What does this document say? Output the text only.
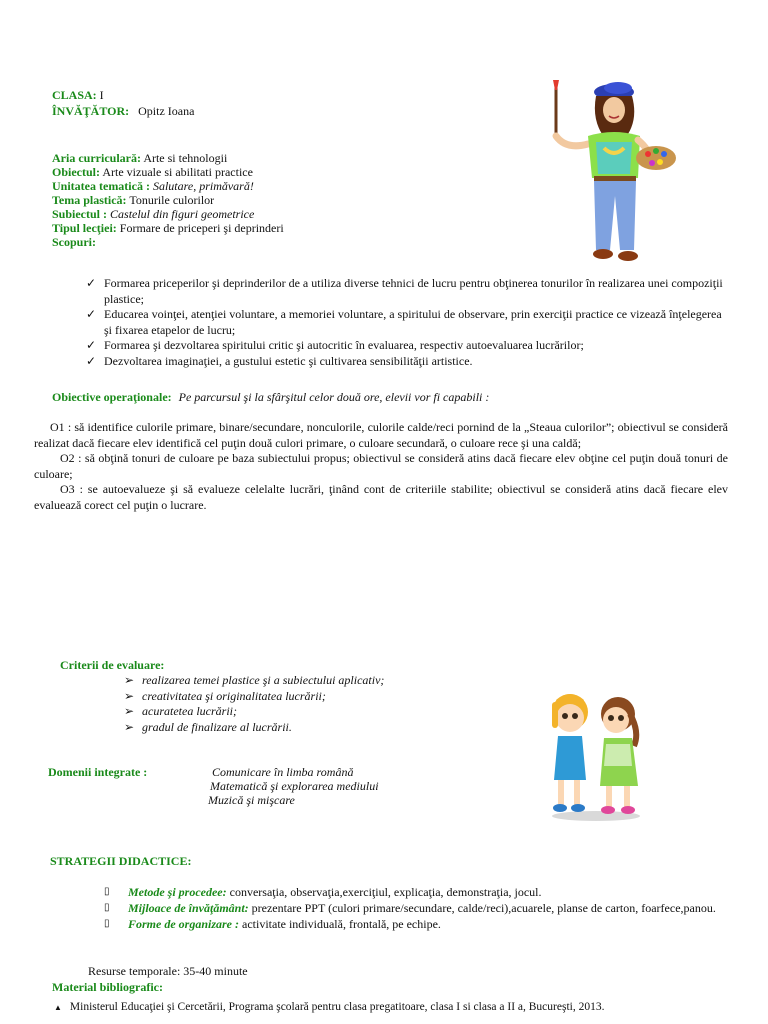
CLASA: I
ÎNVĂŢĂTOR: Opitz Ioana
Aria curriculară: Arte si tehnologii
Obiectul: Arte vizuale si abilitati practice
Unitatea tematică : Salutare, primăvară!
Tema plastică: Tonurile culorilor
Subiectul : Castelul din figuri geometrice
Tipul lecţiei: Formare de priceperi şi deprinderi
Scopuri:
✓ Formarea priceperilor şi deprinderilor de a utiliza diverse tehnici de lucru pentru obţinerea tonurilor în realizarea unei compoziţii plastice;
✓ Educarea voinţei, atenţiei voluntare, a memoriei voluntare, a spiritului de observare, prin exerciţii practice ce vizează înţelegerea şi fixarea etapelor de lucru;
✓ Formarea şi dezvoltarea spiritului critic şi autocritic în evaluarea, respectiv autoevaluarea lucrărilor;
✓ Dezvoltarea imaginaţiei, a gustului estetic şi cultivarea sensibilităţii artistice.
Obiective operaţionale: Pe parcursul şi la sfârşitul celor două ore, elevii vor fi capabili :
O1 : să identifice culorile primare, binare/secundare, nonculorile, culorile calde/reci pornind de la „Steaua culorilor”; obiectivul se consideră realizat dacă fiecare elev identifică cel puţin două culori primare, o culoare secundară, o culoare rece şi una caldă;
O2 : să obţină tonuri de culoare pe baza subiectului propus; obiectivul se consideră atins dacă fiecare elev obţine cel puţin două tonuri de culoare;
O3 : se autoevalueze şi să evalueze celelalte lucrări, ţinând cont de criteriile stabilite; obiectivul se consideră atins dacă fiecare elev evaluează corect cel puţin o lucrare.
Criterii de evaluare:
➢ realizarea temei plastice şi a subiectului aplicativ;
➢ creativitatea şi originalitatea lucrării;
➢ acuratetea lucrării;
➢ gradul de finalizare al lucrării.
Domenii integrate :	Comunicare în limba română
Matematică şi explorarea mediului
Muzică şi mişcare
STRATEGII DIDACTICE:
▯ Metode şi procedee: conversaţia, observaţia,exerciţiul, explicaţia, demonstraţia, jocul.
▯ Mijloace de învăţământ: prezentare PPT (culori primare/secundare, calde/reci),acuarele, planse de carton, foarfece,panou.
▯ Forme de organizare : activitate individuală, frontală, pe echipe.
Resurse temporale: 35-40 minute
Material bibliografic:
▲ Ministerul Educaţiei şi Cercetării, Programa şcolară pentru clasa pregatitoare, clasa I si clasa a II a, Bucureşti, 2013.
